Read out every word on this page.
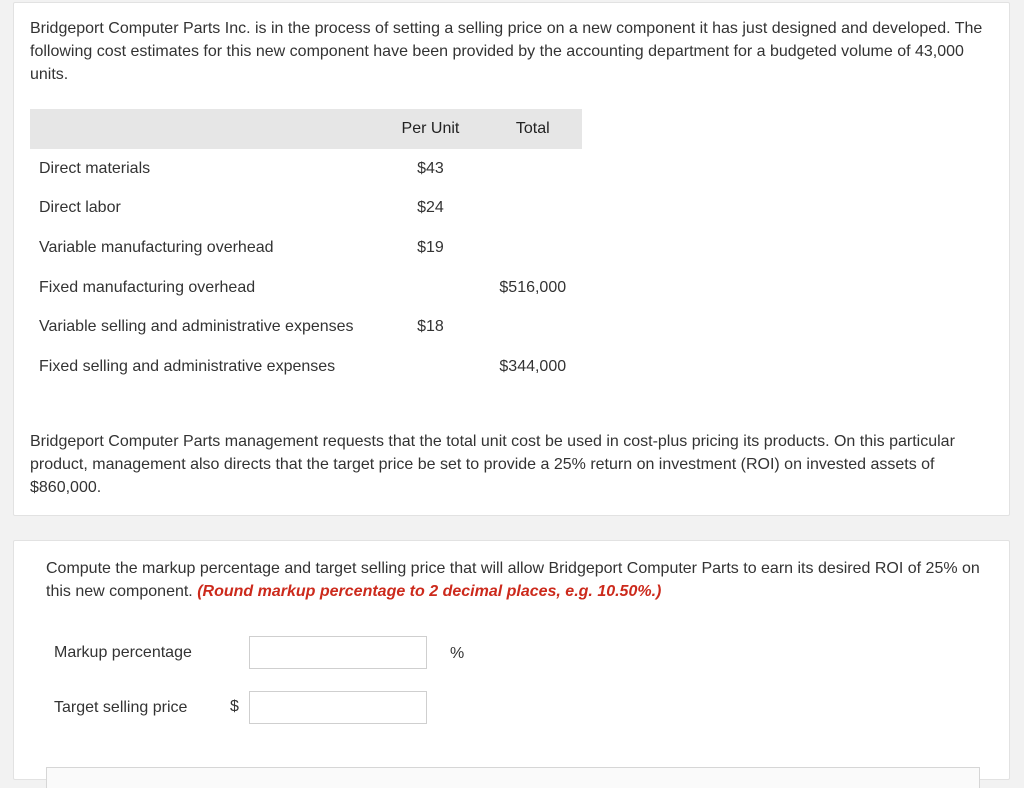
Bridgeport Computer Parts Inc. is in the process of setting a selling price on a new component it has just designed and developed. The following cost estimates for this new component have been provided by the accounting department for a budgeted volume of 43,000 units.

	Per Unit	Total
Direct materials	$43	
Direct labor	$24	
Variable manufacturing overhead	$19	
Fixed manufacturing overhead		$516,000
Variable selling and administrative expenses	$18	
Fixed selling and administrative expenses		$344,000

Bridgeport Computer Parts management requests that the total unit cost be used in cost-plus pricing its products. On this particular product, management also directs that the target price be set to provide a 25% return on investment (ROI) on invested assets of $860,000.

Compute the markup percentage and target selling price that will allow Bridgeport Computer Parts to earn its desired ROI of 25% on this new component. (Round markup percentage to 2 decimal places, e.g. 10.50%.)

Markup percentage	%
Target selling price	$
